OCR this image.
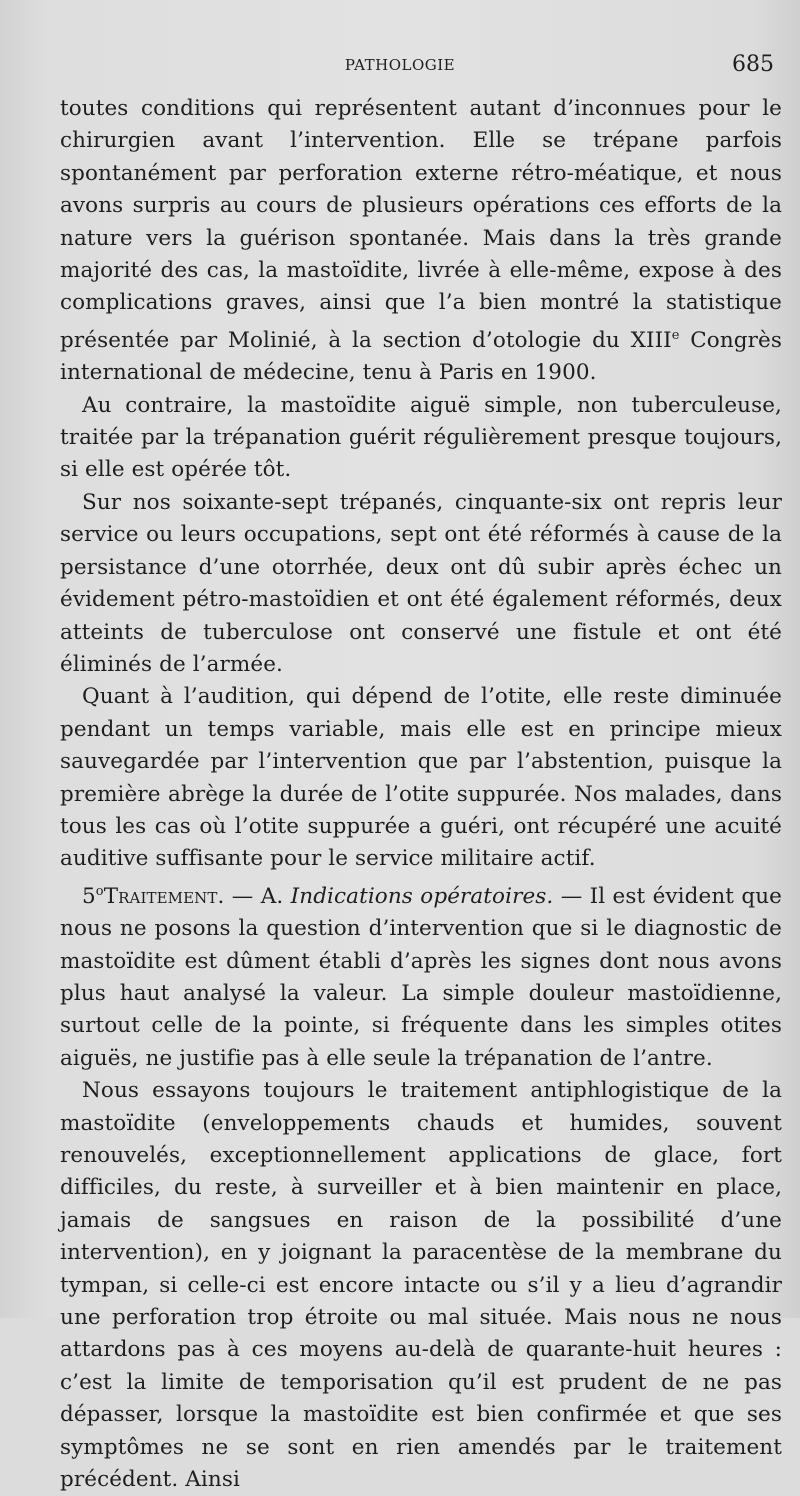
PATHOLOGIE	685

toutes conditions qui représentent autant d’inconnues pour le chirurgien avant l’intervention. Elle se trépane parfois spontanément par perforation externe rétro-méatique, et nous avons surpris au cours de plusieurs opérations ces efforts de la nature vers la guérison spontanée. Mais dans la très grande majorité des cas, la mastoïdite, livrée à elle-même, expose à des complications graves, ainsi que l’a bien montré la statistique présentée par Molinié, à la section d’otologie du XIIIe Congrès international de médecine, tenu à Paris en 1900.

Au contraire, la mastoïdite aiguë simple, non tuberculeuse, traitée par la trépanation guérit régulièrement presque toujours, si elle est opérée tôt.

Sur nos soixante-sept trépanés, cinquante-six ont repris leur service ou leurs occupations, sept ont été réformés à cause de la persistance d’une otorrhée, deux ont dû subir après échec un évidement pétro-mastoïdien et ont été également réformés, deux atteints de tuberculose ont conservé une fistule et ont été éliminés de l’armée.

Quant à l’audition, qui dépend de l’otite, elle reste diminuée pendant un temps variable, mais elle est en principe mieux sauvegardée par l’intervention que par l’abstention, puisque la première abrège la durée de l’otite suppurée. Nos malades, dans tous les cas où l’otite suppurée a guéri, ont récupéré une acuité auditive suffisante pour le service militaire actif.

5$^o$Traitement. — A. Indications opératoires. — Il est évident que nous ne posons la question d’intervention que si le diagnostic de mastoïdite est dûment établi d’après les signes dont nous avons plus haut analysé la valeur. La simple douleur mastoïdienne, surtout celle de la pointe, si fréquente dans les simples otites aiguës, ne justifie pas à elle seule la trépanation de l’antre.

Nous essayons toujours le traitement antiphlogistique de la mastoïdite (enveloppements chauds et humides, souvent renouvelés, exceptionnellement applications de glace, fort difficiles, du reste, à surveiller et à bien maintenir en place, jamais de sangsues en raison de la possibilité d’une intervention), en y joignant la paracentèse de la membrane du tympan, si celle-ci est encore intacte ou s’il y a lieu d’agrandir une perforation trop étroite ou mal située. Mais nous ne nous attardons pas à ces moyens au-delà de quarante-huit heures : c’est la limite de temporisation qu’il est prudent de ne pas dépasser, lorsque la mastoïdite est bien confirmée et que ses symptômes ne se sont en rien amendés par le traitement précédent. Ainsi
